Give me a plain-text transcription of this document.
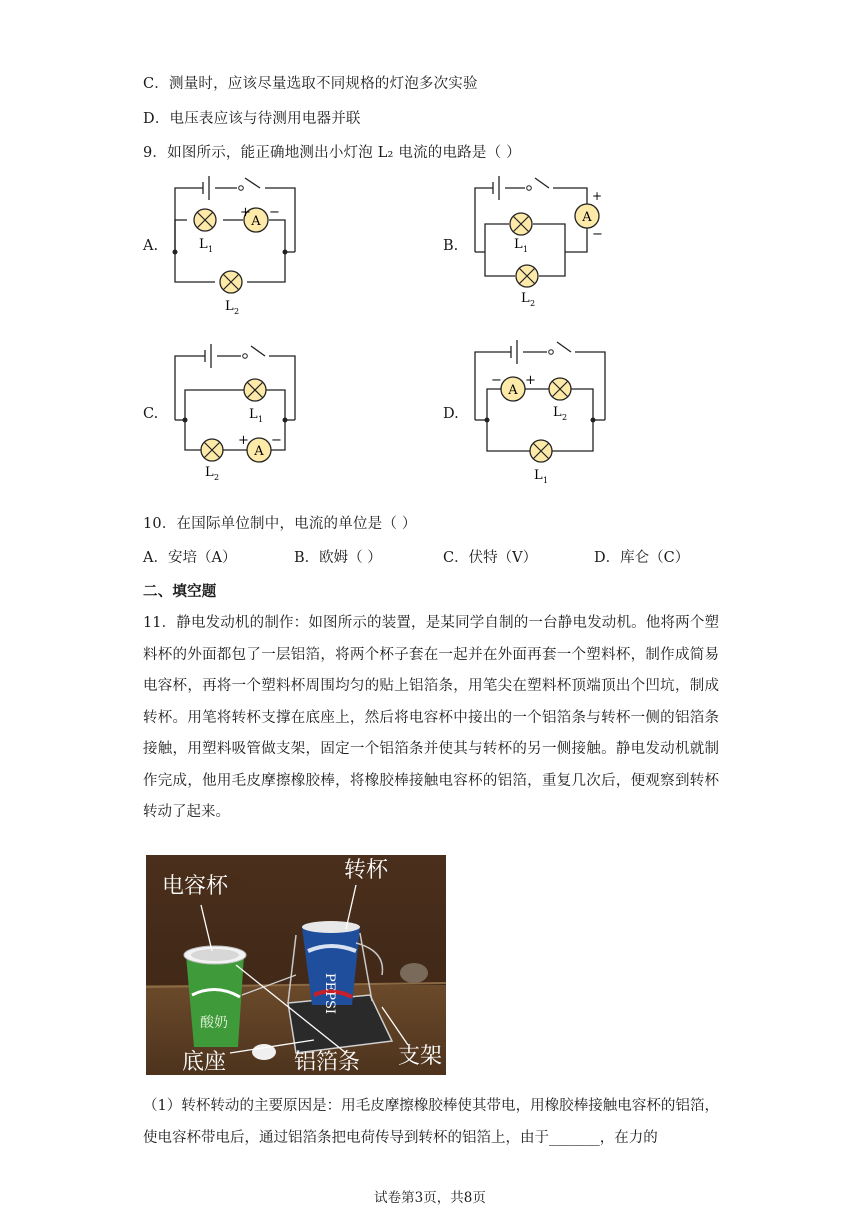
C．测量时，应该尽量选取不同规格的灯泡多次实验
D．电压表应该与待测用电器并联
9．如图所示，能正确地测出小灯泡 L₂ 电流的电路是（ ）
A.
A
+ −
L 1
L 2
B.	L 1
A
+
−
L 2
C.	L 1
L 2
A
+ −
D.
A
− +
L 2
L 1
10．在国际单位制中，电流的单位是（ ）
A．安培（A）	B．欧姆（ ）	C．伏特（V）	D．库仑（C）
二、填空题
11．静电发动机的制作：如图所示的装置，是某同学自制的一台静电发动机。他将两个塑料杯的外面都包了一层铝箔，将两个杯子套在一起并在外面再套一个塑料杯，制作成简易电容杯，再将一个塑料杯周围均匀的贴上铝箔条，用笔尖在塑料杯顶端顶出个凹坑，制成转杯。用笔将转杯支撑在底座上，然后将电容杯中接出的一个铝箔条与转杯一侧的铝箔条接触，用塑料吸管做支架，固定一个铝箔条并使其与转杯的另一侧接触。静电发动机就制作完成，他用毛皮摩擦橡胶棒，将橡胶棒接触电容杯的铝箔，重复几次后，便观察到转杯转动了起来。
酸奶
PEPSI
电容杯
转杯
底座	铝箔条 支架
（1）转杯转动的主要原因是：用毛皮摩擦橡胶棒使其带电，用橡胶棒接触电容杯的铝箔，使电容杯带电后，通过铝箔条把电荷传导到转杯的铝箔上，由于_______，在力的
试卷第3页，共8页
